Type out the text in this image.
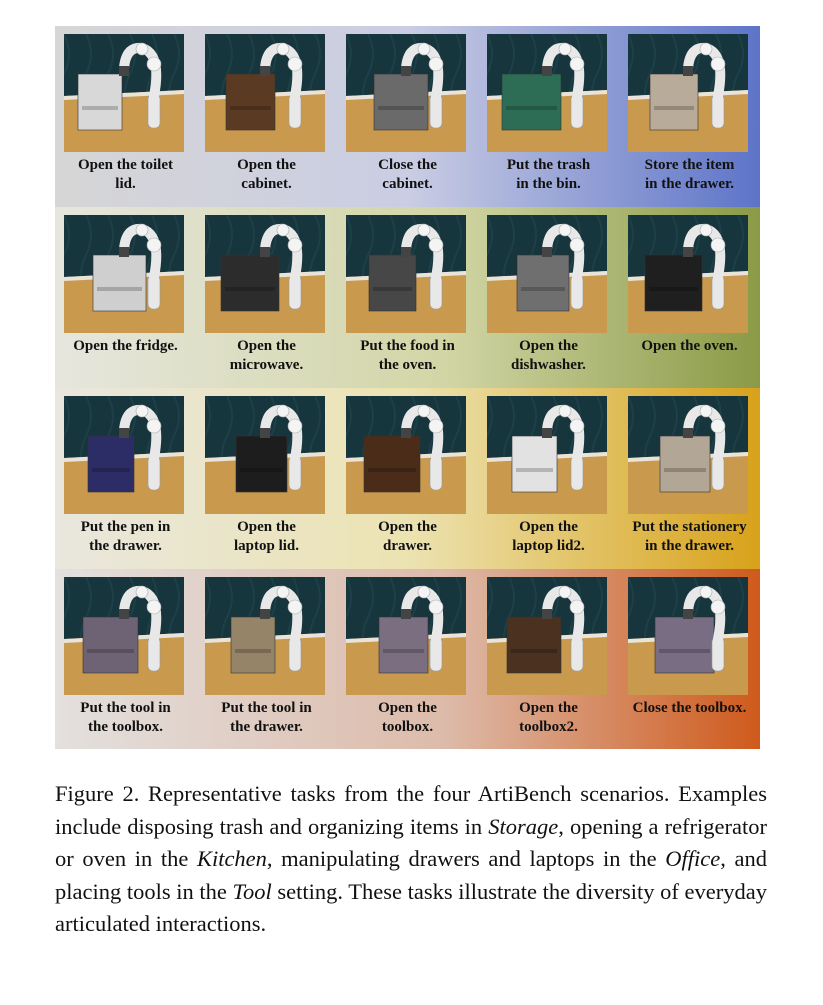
Open the toilet
lid.
Open the
cabinet.
Close the
cabinet.
Put the trash
in the bin.
Store the item
in the drawer.
Open the fridge.	Open the
microwave.
Put the food in
the oven.
Open the
dishwasher.
Open the oven.
Put the pen in
the drawer.
Open the
laptop lid.
Open the
drawer.
Open the
laptop lid2.
Put the stationery
in the drawer.
Put the tool in
the toolbox.
Put the tool in
the drawer.
Open the
toolbox.
Open the
toolbox2.
Close the toolbox.

Figure 2. Representative tasks from the four ArtiBench scenarios. Examples include disposing trash and organizing items in Storage, opening a refrigerator or oven in the Kitchen, manipulating drawers and laptops in the Office, and placing tools in the Tool setting. These tasks illustrate the diversity of everyday articulated interactions.
